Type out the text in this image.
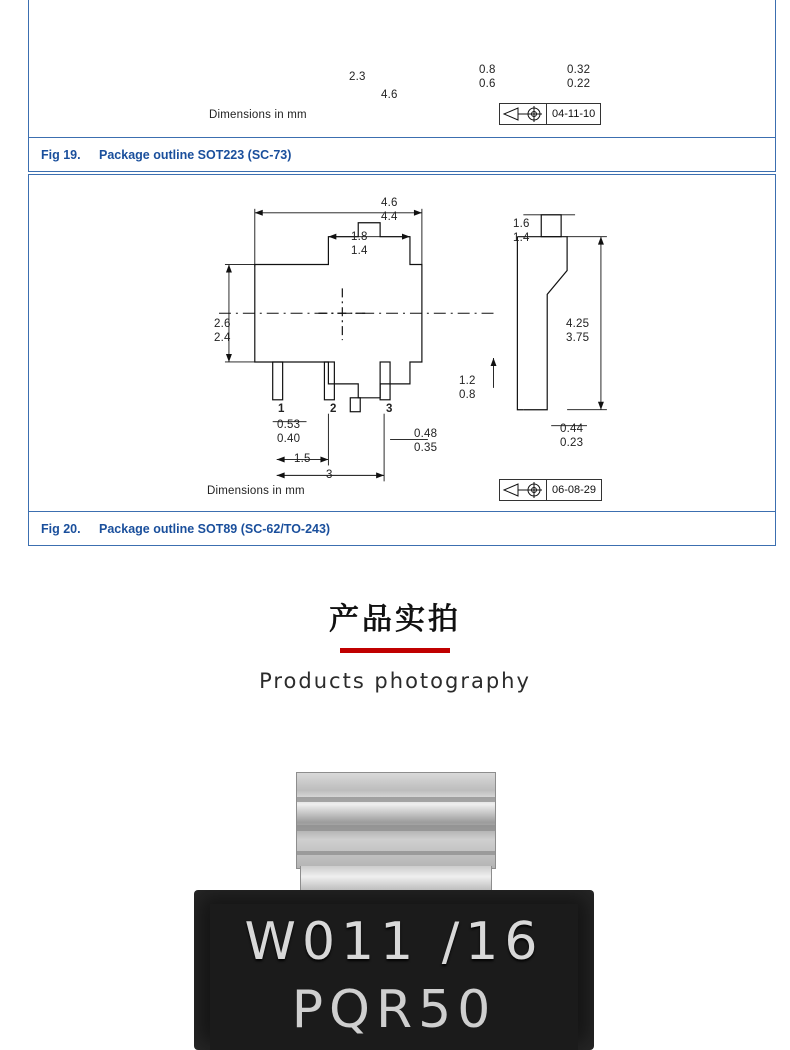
2.3
4.6
0.8
0.6
0.32
0.22
Dimensions in mm	04-11-10
Fig 19.	Package outline SOT223 (SC-73)
4.6
4.4
1.8
1.4
2.6
2.4
1.6
1.4
4.25
3.75
1.2
0.8
0.44
0.23
1	2	3
0.53
0.40	0.48
0.35
1.5
3
Dimensions in mm	06-08-29
Fig 20.	Package outline SOT89 (SC-62/TO-243)
产品实拍
Products photography
W011 /16
PQR50
